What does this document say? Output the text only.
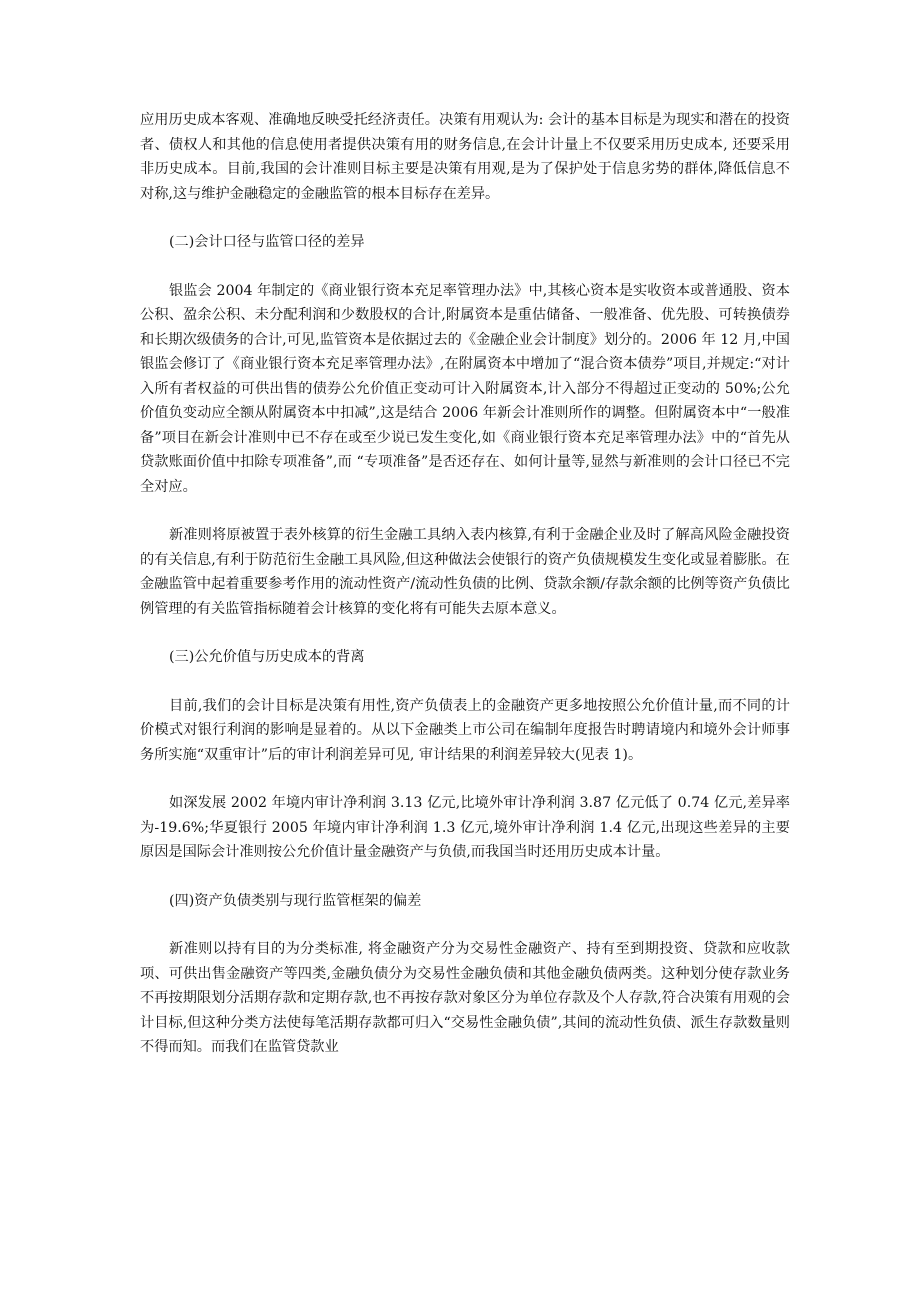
应用历史成本客观、准确地反映受托经济责任。决策有用观认为: 会计的基本目标是为现实和潜在的投资者、债权人和其他的信息使用者提供决策有用的财务信息,在会计计量上不仅要采用历史成本, 还要采用非历史成本。目前,我国的会计准则目标主要是决策有用观,是为了保护处于信息劣势的群体,降低信息不对称,这与维护金融稳定的金融监管的根本目标存在差异。

(二)会计口径与监管口径的差异

银监会 2004 年制定的《商业银行资本充足率管理办法》中,其核心资本是实收资本或普通股、资本公积、盈余公积、未分配利润和少数股权的合计,附属资本是重估储备、一般准备、优先股、可转换债券和长期次级债务的合计,可见,监管资本是依据过去的《金融企业会计制度》划分的。2006 年 12 月,中国银监会修订了《商业银行资本充足率管理办法》,在附属资本中增加了“混合资本债券”项目,并规定:“对计入所有者权益的可供出售的债券公允价值正变动可计入附属资本,计入部分不得超过正变动的 50%;公允价值负变动应全额从附属资本中扣减”,这是结合 2006 年新会计准则所作的调整。但附属资本中“一般准备”项目在新会计准则中已不存在或至少说已发生变化,如《商业银行资本充足率管理办法》中的“首先从贷款账面价值中扣除专项准备”,而 “专项准备”是否还存在、如何计量等,显然与新准则的会计口径已不完全对应。

新准则将原被置于表外核算的衍生金融工具纳入表内核算,有利于金融企业及时了解高风险金融投资的有关信息,有利于防范衍生金融工具风险,但这种做法会使银行的资产负债规模发生变化或显着膨胀。在金融监管中起着重要参考作用的流动性资产/流动性负债的比例、贷款余额/存款余额的比例等资产负债比例管理的有关监管指标随着会计核算的变化将有可能失去原本意义。

(三)公允价值与历史成本的背离

目前,我们的会计目标是决策有用性,资产负债表上的金融资产更多地按照公允价值计量,而不同的计价模式对银行利润的影响是显着的。从以下金融类上市公司在编制年度报告时聘请境内和境外会计师事务所实施“双重审计”后的审计利润差异可见, 审计结果的利润差异较大(见表 1)。

如深发展 2002 年境内审计净利润 3.13 亿元,比境外审计净利润 3.87 亿元低了 0.74 亿元,差异率为-19.6%;华夏银行 2005 年境内审计净利润 1.3 亿元,境外审计净利润 1.4 亿元,出现这些差异的主要原因是国际会计准则按公允价值计量金融资产与负债,而我国当时还用历史成本计量。

(四)资产负债类别与现行监管框架的偏差

新准则以持有目的为分类标准, 将金融资产分为交易性金融资产、持有至到期投资、贷款和应收款项、可供出售金融资产等四类,金融负债分为交易性金融负债和其他金融负债两类。这种划分使存款业务不再按期限划分活期存款和定期存款,也不再按存款对象区分为单位存款及个人存款,符合决策有用观的会计目标,但这种分类方法使每笔活期存款都可归入“交易性金融负债”,其间的流动性负债、派生存款数量则不得而知。而我们在监管贷款业
